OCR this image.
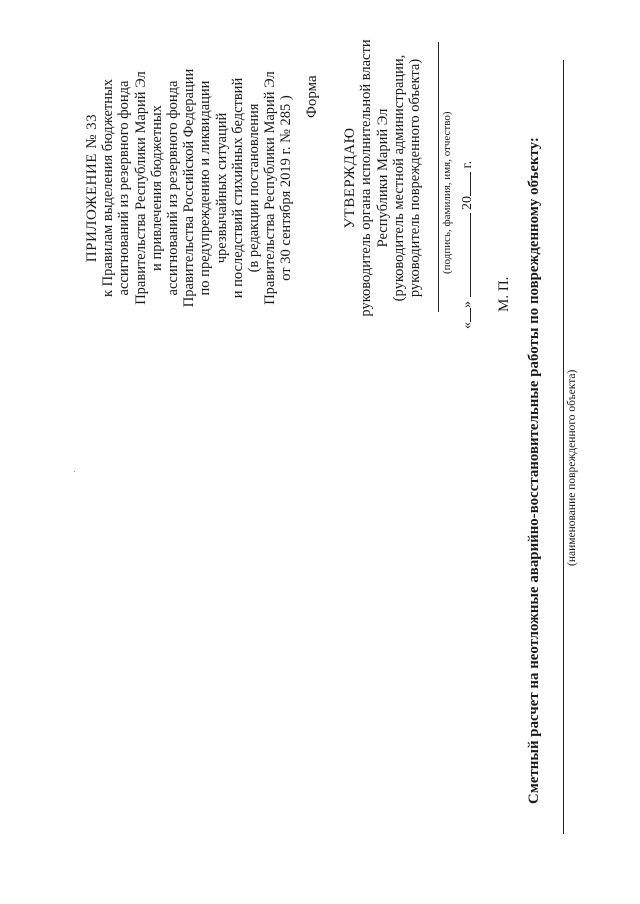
ПРИЛОЖЕНИЕ № 33 к Правилам выделения бюджетных ассигнований из резервного фонда Правительства Республики Марий Эл и привлечения бюджетных ассигнований из резервного фонда Правительства Российской Федерации по предупреждению и ликвидации чрезвычайных ситуаций и последствий стихийных бедствий (в редакции постановления Правительства Республики Марий Эл от 30 сентября 2019 г. № 285 ) Форма
УТВЕРЖДАЮ руководитель органа исполнительной власти Республики Марий Эл (руководитель местной администрации, руководитель поврежденного объекта) (подпись, фамилия, имя, отчество)
«»  20 г.
М. П. Сметный расчет на неотложные аварийно-восстановительные работы по поврежденному объекту: (наименование поврежденного объекта)
